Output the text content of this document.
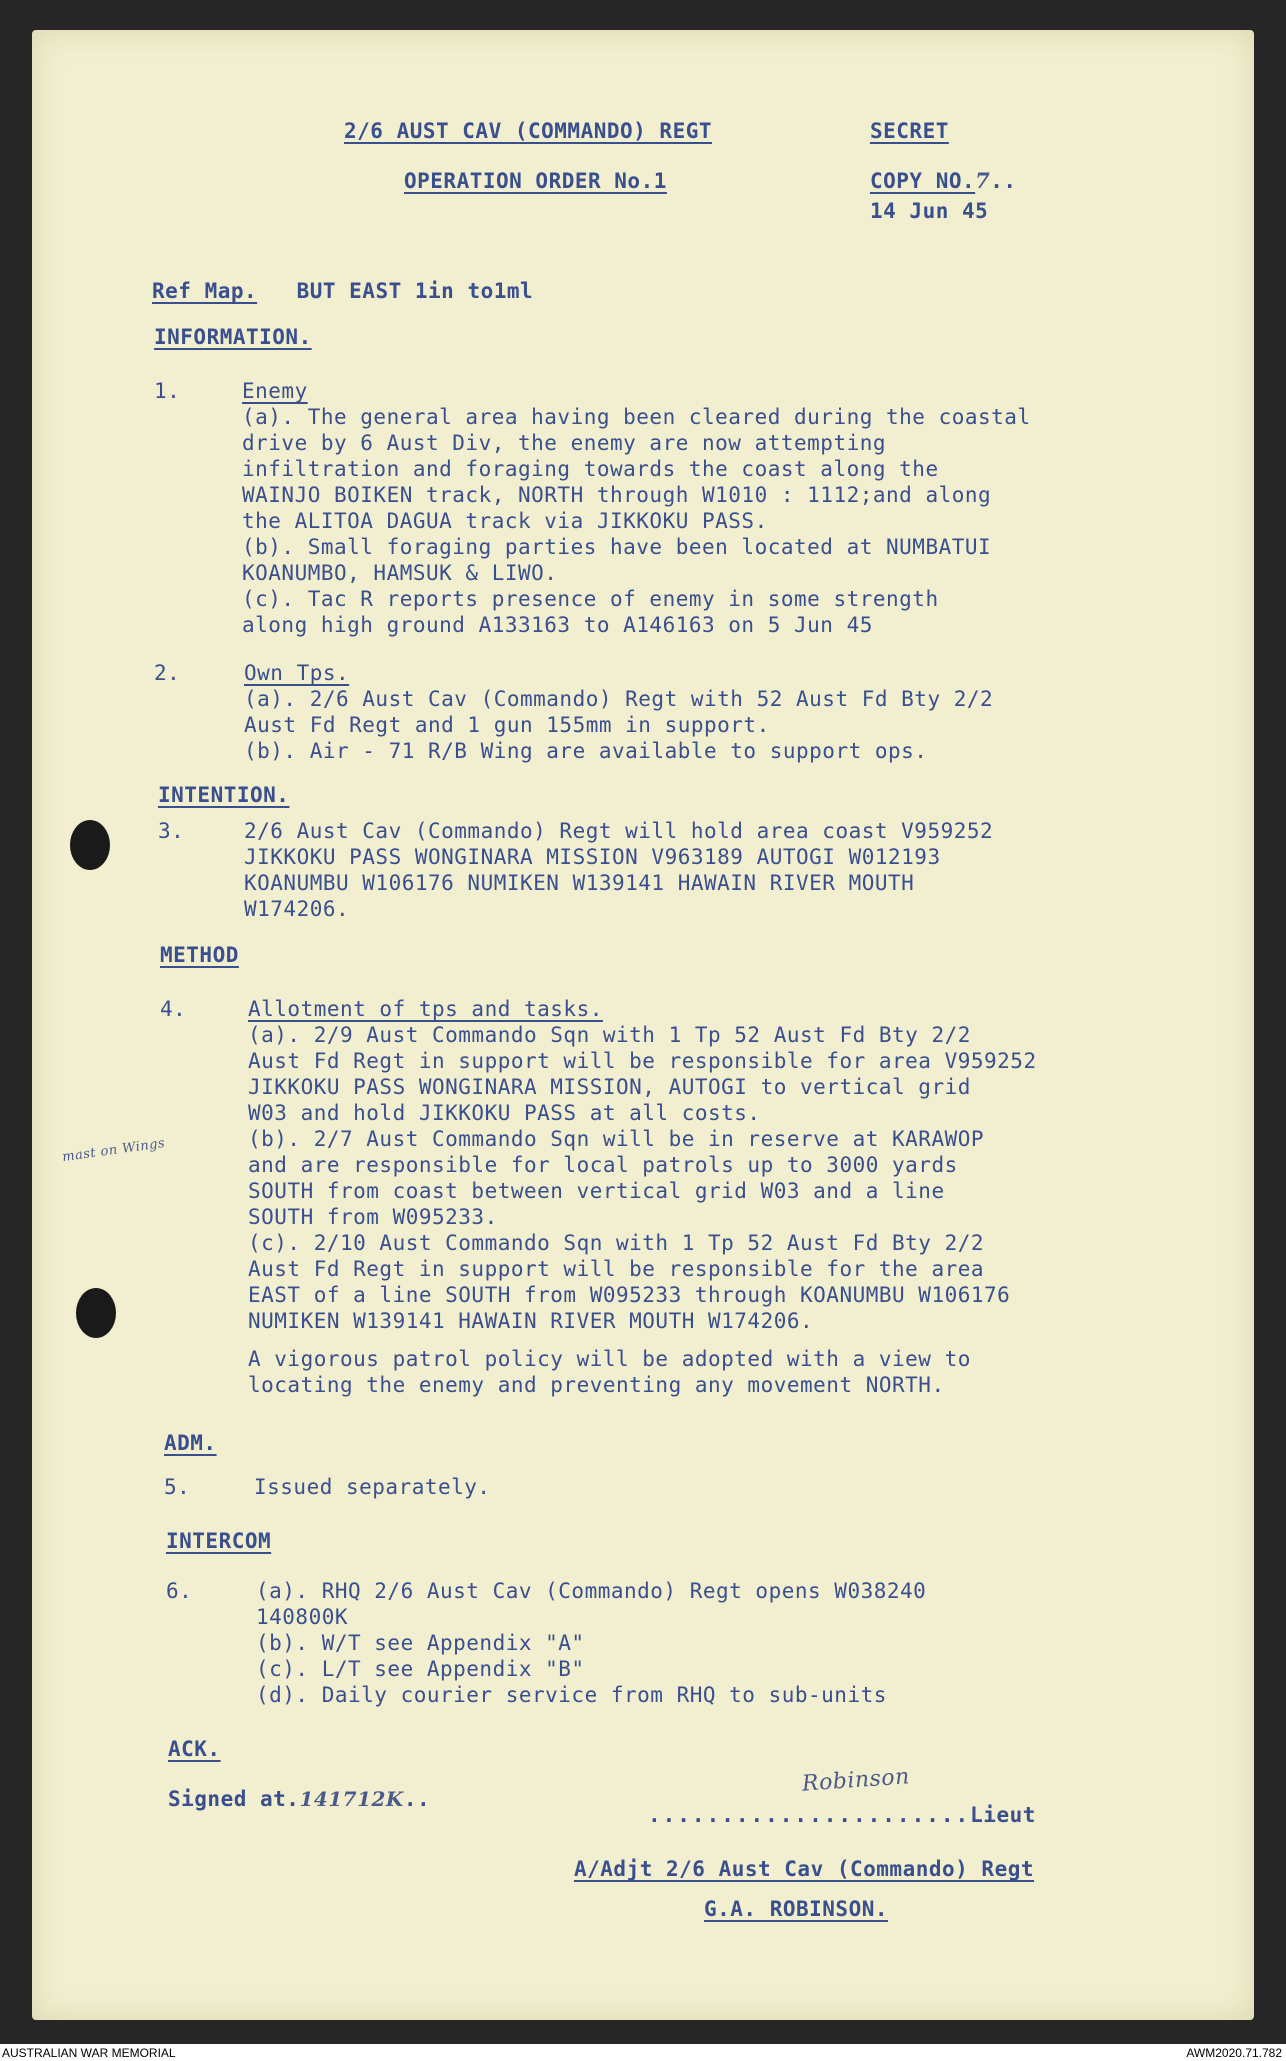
2/6 AUST CAV (COMMANDO) REGT	SECRET
OPERATION ORDER No.1	COPY NO.7..
14 Jun 45
Ref Map. BUT EAST 1in to1ml
INFORMATION.
1.	Enemy
(a). The general area having been cleared during the coastal
drive by 6 Aust Div, the enemy are now attempting
infiltration and foraging towards the coast along the
WAINJO BOIKEN track, NORTH through W1010 : 1112;and along
the ALITOA DAGUA track via JIKKOKU PASS.
(b). Small foraging parties have been located at NUMBATUI
KOANUMBO, HAMSUK & LIWO.
(c). Tac R reports presence of enemy in some strength
along high ground A133163 to A146163 on 5 Jun 45
2.	Own Tps.
(a). 2/6 Aust Cav (Commando) Regt with 52 Aust Fd Bty 2/2
Aust Fd Regt and 1 gun 155mm in support.
(b). Air - 71 R/B Wing are available to support ops.
INTENTION.
3.	2/6 Aust Cav (Commando) Regt will hold area coast V959252
JIKKOKU PASS WONGINARA MISSION V963189 AUTOGI W012193
KOANUMBU W106176 NUMIKEN W139141 HAWAIN RIVER MOUTH
W174206.
METHOD
4.	Allotment of tps and tasks.
(a). 2/9 Aust Commando Sqn with 1 Tp 52 Aust Fd Bty 2/2
Aust Fd Regt in support will be responsible for area V959252
JIKKOKU PASS WONGINARA MISSION, AUTOGI to vertical grid
W03 and hold JIKKOKU PASS at all costs.
(b). 2/7 Aust Commando Sqn will be in reserve at KARAWOP
and are responsible for local patrols up to 3000 yards
SOUTH from coast between vertical grid W03 and a line
SOUTH from W095233.
(c). 2/10 Aust Commando Sqn with 1 Tp 52 Aust Fd Bty 2/2
Aust Fd Regt in support will be responsible for the area
EAST of a line SOUTH from W095233 through KOANUMBU W106176
NUMIKEN W139141 HAWAIN RIVER MOUTH W174206.
A vigorous patrol policy will be adopted with a view to
locating the enemy and preventing any movement NORTH.
mast on Wings
ADM.
5.	Issued separately.
INTERCOM
6.	(a). RHQ 2/6 Aust Cav (Commando) Regt opens W038240
140800K
(b). W/T see Appendix "A"
(c). L/T see Appendix "B"
(d). Daily courier service from RHQ to sub-units
ACK.
Signed at.141712K..
Robinson
......................Lieut
A/Adjt 2/6 Aust Cav (Commando) Regt
G.A. ROBINSON.
AUSTRALIAN WAR MEMORIAL	AWM2020.71.782
